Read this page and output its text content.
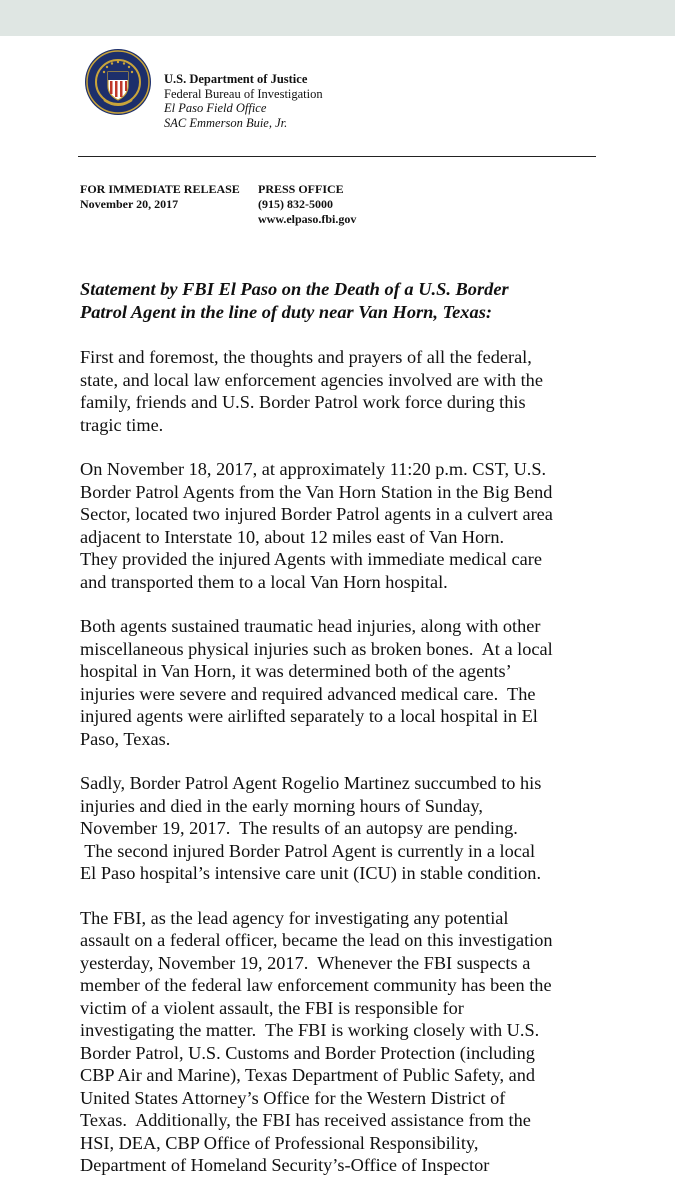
U.S. Department of Justice
Federal Bureau of Investigation
El Paso Field Office
SAC Emmerson Buie, Jr.
FOR IMMEDIATE RELEASE	PRESS OFFICE
November 20, 2017	(915) 832-5000
www.elpaso.fbi.gov
Statement by FBI El Paso on the Death of a U.S. Border
Patrol Agent in the line of duty near Van Horn, Texas:

First and foremost, the thoughts and prayers of all the federal,
state, and local law enforcement agencies involved are with the
family, friends and U.S. Border Patrol work force during this
tragic time.

On November 18, 2017, at approximately 11:20 p.m. CST, U.S.
Border Patrol Agents from the Van Horn Station in the Big Bend
Sector, located two injured Border Patrol agents in a culvert area
adjacent to Interstate 10, about 12 miles east of Van Horn.
They provided the injured Agents with immediate medical care
and transported them to a local Van Horn hospital.

Both agents sustained traumatic head injuries, along with other
miscellaneous physical injuries such as broken bones.  At a local
hospital in Van Horn, it was determined both of the agents’
injuries were severe and required advanced medical care.  The
injured agents were airlifted separately to a local hospital in El
Paso, Texas.

Sadly, Border Patrol Agent Rogelio Martinez succumbed to his
injuries and died in the early morning hours of Sunday,
November 19, 2017.  The results of an autopsy are pending.
The second injured Border Patrol Agent is currently in a local
El Paso hospital’s intensive care unit (ICU) in stable condition.

The FBI, as the lead agency for investigating any potential
assault on a federal officer, became the lead on this investigation
yesterday, November 19, 2017.  Whenever the FBI suspects a
member of the federal law enforcement community has been the
victim of a violent assault, the FBI is responsible for
investigating the matter.  The FBI is working closely with U.S.
Border Patrol, U.S. Customs and Border Protection (including
CBP Air and Marine), Texas Department of Public Safety, and
United States Attorney’s Office for the Western District of
Texas.  Additionally, the FBI has received assistance from the
HSI, DEA, CBP Office of Professional Responsibility,
Department of Homeland Security’s-Office of Inspector
